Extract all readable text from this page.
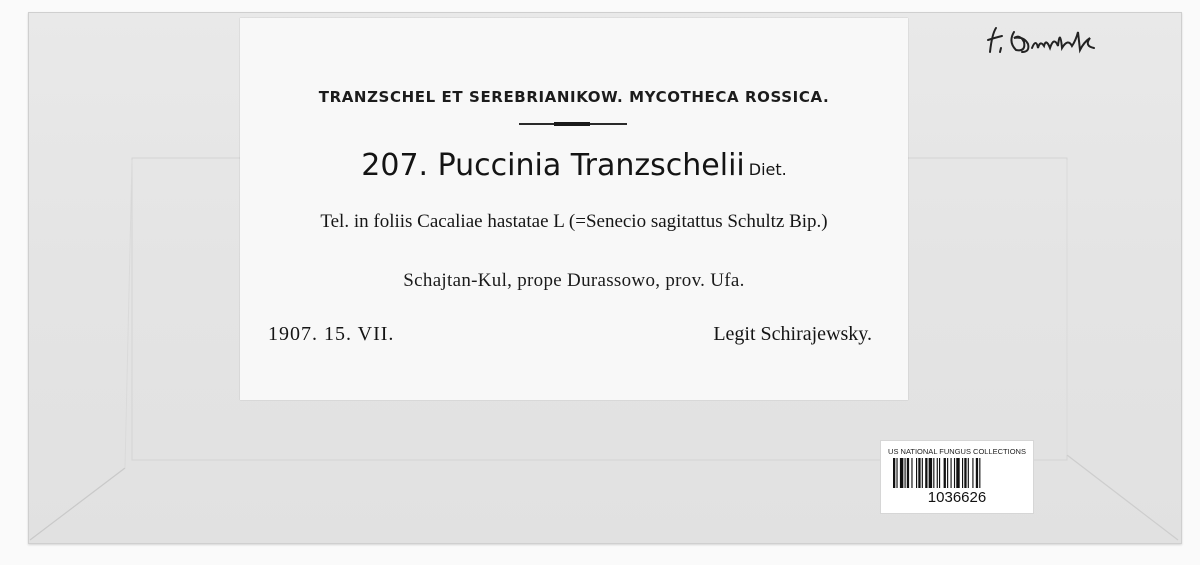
TRANZSCHEL ET SEREBRIANIKOW. MYCOTHECA ROSSICA.
207. Puccinia Tranzschelii Diet.
Tel. in foliis Cacaliae hastatae L (=Senecio sagitattus Schultz Bip.)
Schajtan-Kul, prope Durassowo, prov. Ufa.
1907. 15. VII.	Legit Schirajewsky.
US NATIONAL FUNGUS COLLECTIONS
1036626
